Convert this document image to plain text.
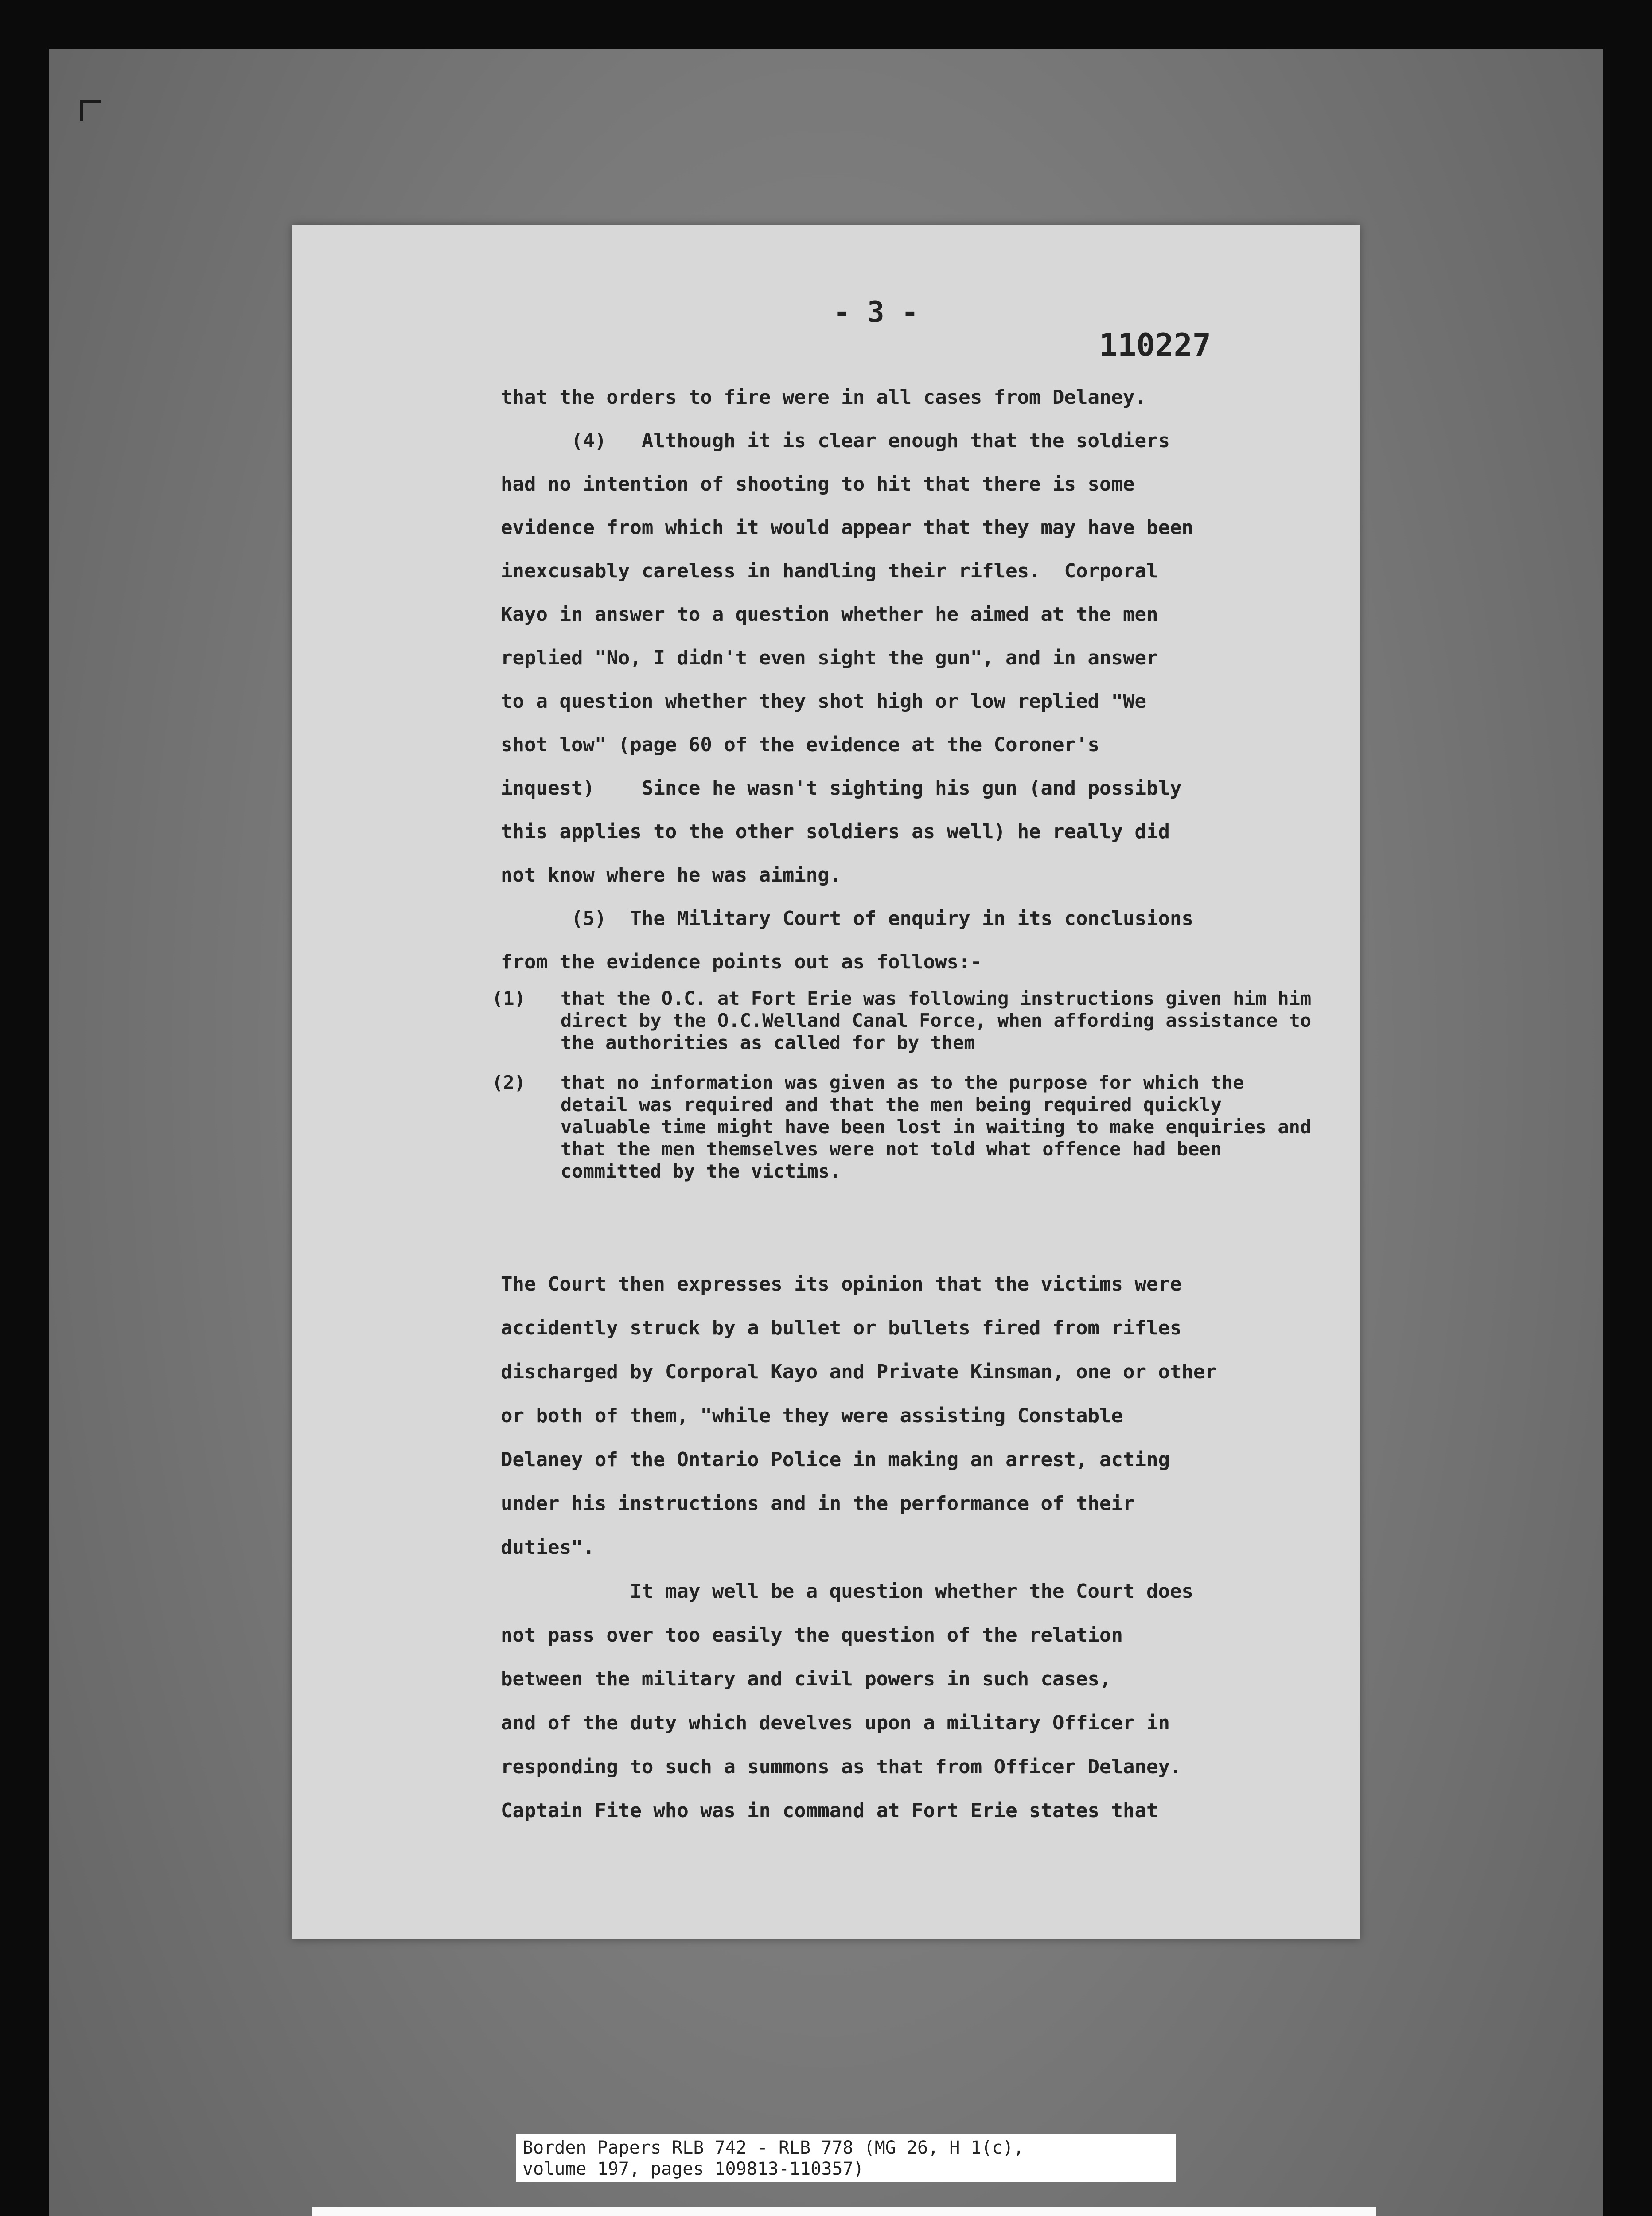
- 3 -
110227
that the orders to fire were in all cases from Delaney.
(4)   Although it is clear enough that the soldiers
had no intention of shooting to hit that there is some
evidence from which it would appear that they may have been
inexcusably careless in handling their rifles.  Corporal
Kayo in answer to a question whether he aimed at the men
replied "No, I didn't even sight the gun", and in answer
to a question whether they shot high or low replied "We
shot low" (page 60 of the evidence at the Coroner's
inquest)    Since he wasn't sighting his gun (and possibly
this applies to the other soldiers as well) he really did
not know where he was aiming.
(5)  The Military Court of enquiry in its conclusions
from the evidence points out as follows:-
(1)	that the O.C. at Fort Erie was following instructions given him him direct by the O.C.Welland Canal Force, when affording assistance to the authorities as called for by them
(2)	that no information was given as to the purpose for which the detail was required and that the men being required quickly valuable time might have been lost in waiting to make enquiries and that the men themselves were not told what offence had been committed by the victims.
The Court then expresses its opinion that the victims were
accidently struck by a bullet or bullets fired from rifles
discharged by Corporal Kayo and Private Kinsman, one or other
or both of them, "while they were assisting Constable
Delaney of the Ontario Police in making an arrest, acting
under his instructions and in the performance of their
duties".
It may well be a question whether the Court does
not pass over too easily the question of the relation
between the military and civil powers in such cases,
and of the duty which develves upon a military Officer in
responding to such a summons as that from Officer Delaney.
Captain Fite who was in command at Fort Erie states that
Borden Papers RLB 742 - RLB 778 (MG 26, H 1(c),
volume 197, pages 109813-110357)
